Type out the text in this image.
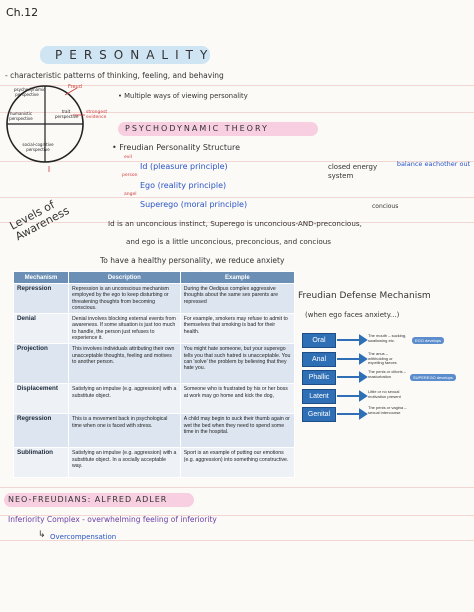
Ch.12
PERSONALITY
- characteristic patterns of thinking, feeling, and behaving
Freud
psychodynamic perspective
humanistic perspective
trait perspective
strongest evidence
social-cognitive perspective
• Multiple ways of viewing personality
PSYCHODYNAMIC THEORY
• Freudian Personality Structure
evil
Id (pleasure principle)
person
Ego (reality principle)
angel
Superego (moral principle)
closed energy system
balance eachother out
Levels of Awareness	concious
Id is an unconcious instinct, Superego is unconcious-AND-preconcious,
and ego is a little unconcious, preconcious, and concious
To have a healthy personality, we reduce anxiety
Mechanism	Description	Example
Repression	Repression is an unconscious mechanism employed by the ego to keep disturbing or threatening thoughts from becoming conscious.	During the Oedipus complex aggressive thoughts about the same sex parents are repressed
Denial	Denial involves blocking external events from awareness. If some situation is just too much to handle, the person just refuses to experience it.	For example, smokers may refuse to admit to themselves that smoking is bad for their health.
Projection	This involves individuals attributing their own unacceptable thoughts, feeling and motives to another person.	You might hate someone, but your superego tells you that such hatred is unacceptable. You can 'solve' the problem by believing that they hate you.
Displacement	Satisfying an impulse (e.g. aggression) with a substitute object.	Someone who is frustrated by his or her boss at work may go home and kick the dog,
Regression	This is a movement back in psychological time when one is faced with stress.	A child may begin to suck their thumb again or wet the bed when they need to spend some time in the hospital.
Sublimation	Satisfying an impulse (e.g. aggression) with a substitute object. In a socially acceptable way.	Sport is an example of putting our emotions (e.g. aggression) into something constructive.
Freudian Defense Mechanism
(when ego faces anxiety...)
Oral
Anal
Phallic
Latent
Genital
The mouth – sucking, swallowing etc.
The anus – withholding or expelling faeces
The penis or clitoris – masturbation
Little or no sexual motivation present
The penis or vagina – sexual intercourse
EGO develops
SUPEREGO develops
NEO-FREUDIANS: ALFRED ADLER
Inferiority Complex - overwhelming feeling of inferiority
↳ Overcompensation
